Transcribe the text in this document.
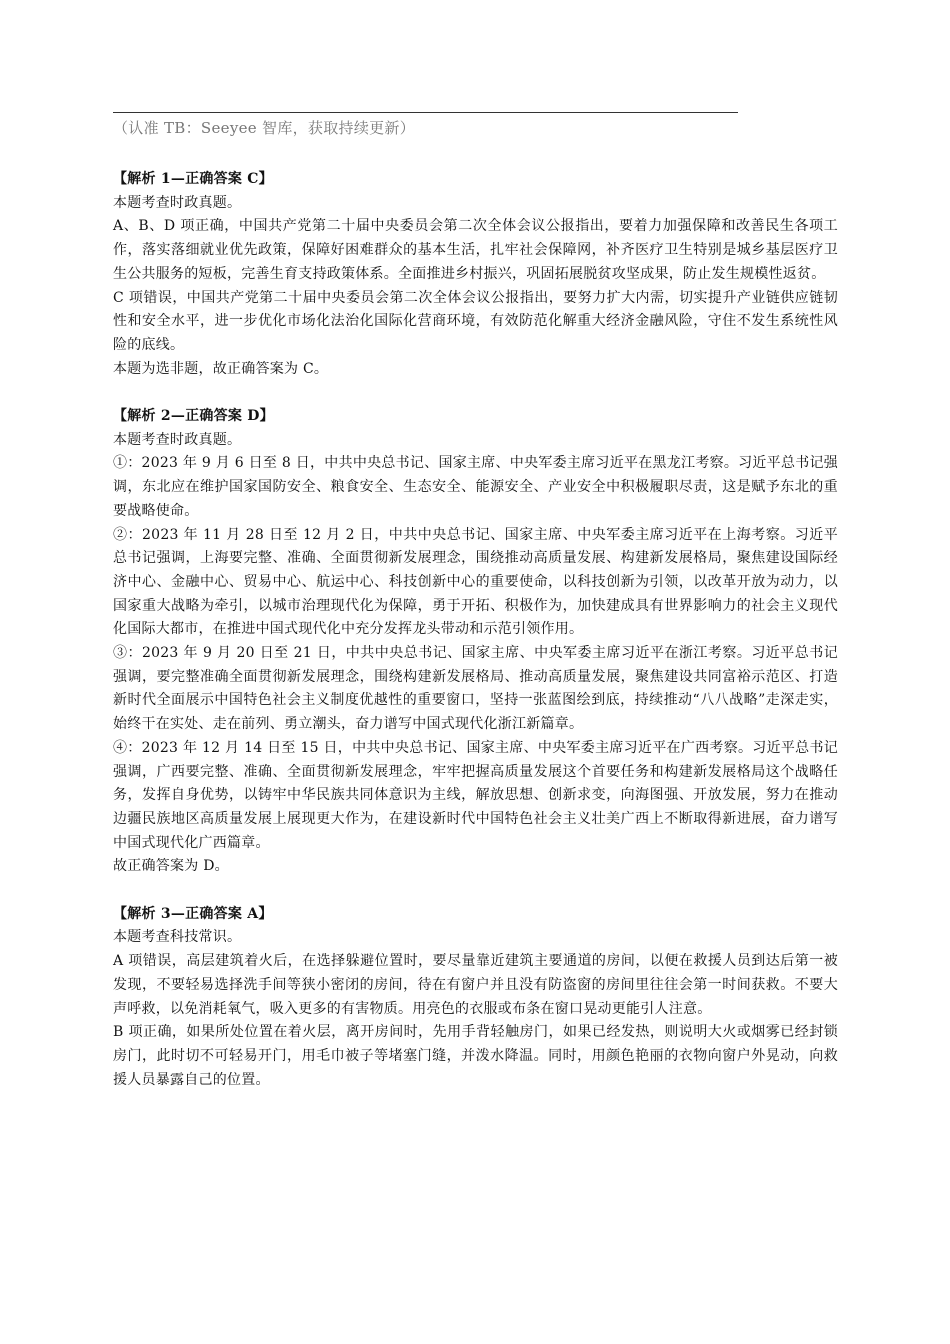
（认准 TB：Seeyee 智库，获取持续更新）

【解析 1—正确答案 C】

本题考查时政真题。

A、B、D 项正确，中国共产党第二十届中央委员会第二次全体会议公报指出，要着力加强保障和改善民生各项工作，落实落细就业优先政策，保障好困难群众的基本生活，扎牢社会保障网，补齐医疗卫生特别是城乡基层医疗卫生公共服务的短板，完善生育支持政策体系。全面推进乡村振兴，巩固拓展脱贫攻坚成果，防止发生规模性返贫。

C 项错误，中国共产党第二十届中央委员会第二次全体会议公报指出，要努力扩大内需，切实提升产业链供应链韧性和安全水平，进一步优化市场化法治化国际化营商环境，有效防范化解重大经济金融风险，守住不发生系统性风险的底线。

本题为选非题，故正确答案为 C。

【解析 2—正确答案 D】

本题考查时政真题。

①：2023 年 9 月 6 日至 8 日，中共中央总书记、国家主席、中央军委主席习近平在黑龙江考察。习近平总书记强调，东北应在维护国家国防安全、粮食安全、生态安全、能源安全、产业安全中积极履职尽责，这是赋予东北的重要战略使命。

②：2023 年 11 月 28 日至 12 月 2 日，中共中央总书记、国家主席、中央军委主席习近平在上海考察。习近平总书记强调，上海要完整、准确、全面贯彻新发展理念，围绕推动高质量发展、构建新发展格局，聚焦建设国际经济中心、金融中心、贸易中心、航运中心、科技创新中心的重要使命，以科技创新为引领，以改革开放为动力，以国家重大战略为牵引，以城市治理现代化为保障，勇于开拓、积极作为，加快建成具有世界影响力的社会主义现代化国际大都市，在推进中国式现代化中充分发挥龙头带动和示范引领作用。

③：2023 年 9 月 20 日至 21 日，中共中央总书记、国家主席、中央军委主席习近平在浙江考察。习近平总书记强调，要完整准确全面贯彻新发展理念，围绕构建新发展格局、推动高质量发展，聚焦建设共同富裕示范区、打造新时代全面展示中国特色社会主义制度优越性的重要窗口，坚持一张蓝图绘到底，持续推动“八八战略”走深走实，始终干在实处、走在前列、勇立潮头，奋力谱写中国式现代化浙江新篇章。

④：2023 年 12 月 14 日至 15 日，中共中央总书记、国家主席、中央军委主席习近平在广西考察。习近平总书记强调，广西要完整、准确、全面贯彻新发展理念，牢牢把握高质量发展这个首要任务和构建新发展格局这个战略任务，发挥自身优势，以铸牢中华民族共同体意识为主线，解放思想、创新求变，向海图强、开放发展，努力在推动边疆民族地区高质量发展上展现更大作为，在建设新时代中国特色社会主义壮美广西上不断取得新进展，奋力谱写中国式现代化广西篇章。

故正确答案为 D。

【解析 3—正确答案 A】

本题考查科技常识。

A 项错误，高层建筑着火后，在选择躲避位置时，要尽量靠近建筑主要通道的房间，以便在救援人员到达后第一被发现，不要轻易选择洗手间等狭小密闭的房间，待在有窗户并且没有防盗窗的房间里往往会第一时间获救。不要大声呼救，以免消耗氧气，吸入更多的有害物质。用亮色的衣服或布条在窗口晃动更能引人注意。

B 项正确，如果所处位置在着火层，离开房间时，先用手背轻触房门，如果已经发热，则说明大火或烟雾已经封锁房门，此时切不可轻易开门，用毛巾被子等堵塞门缝，并泼水降温。同时，用颜色艳丽的衣物向窗户外晃动，向救援人员暴露自己的位置。
